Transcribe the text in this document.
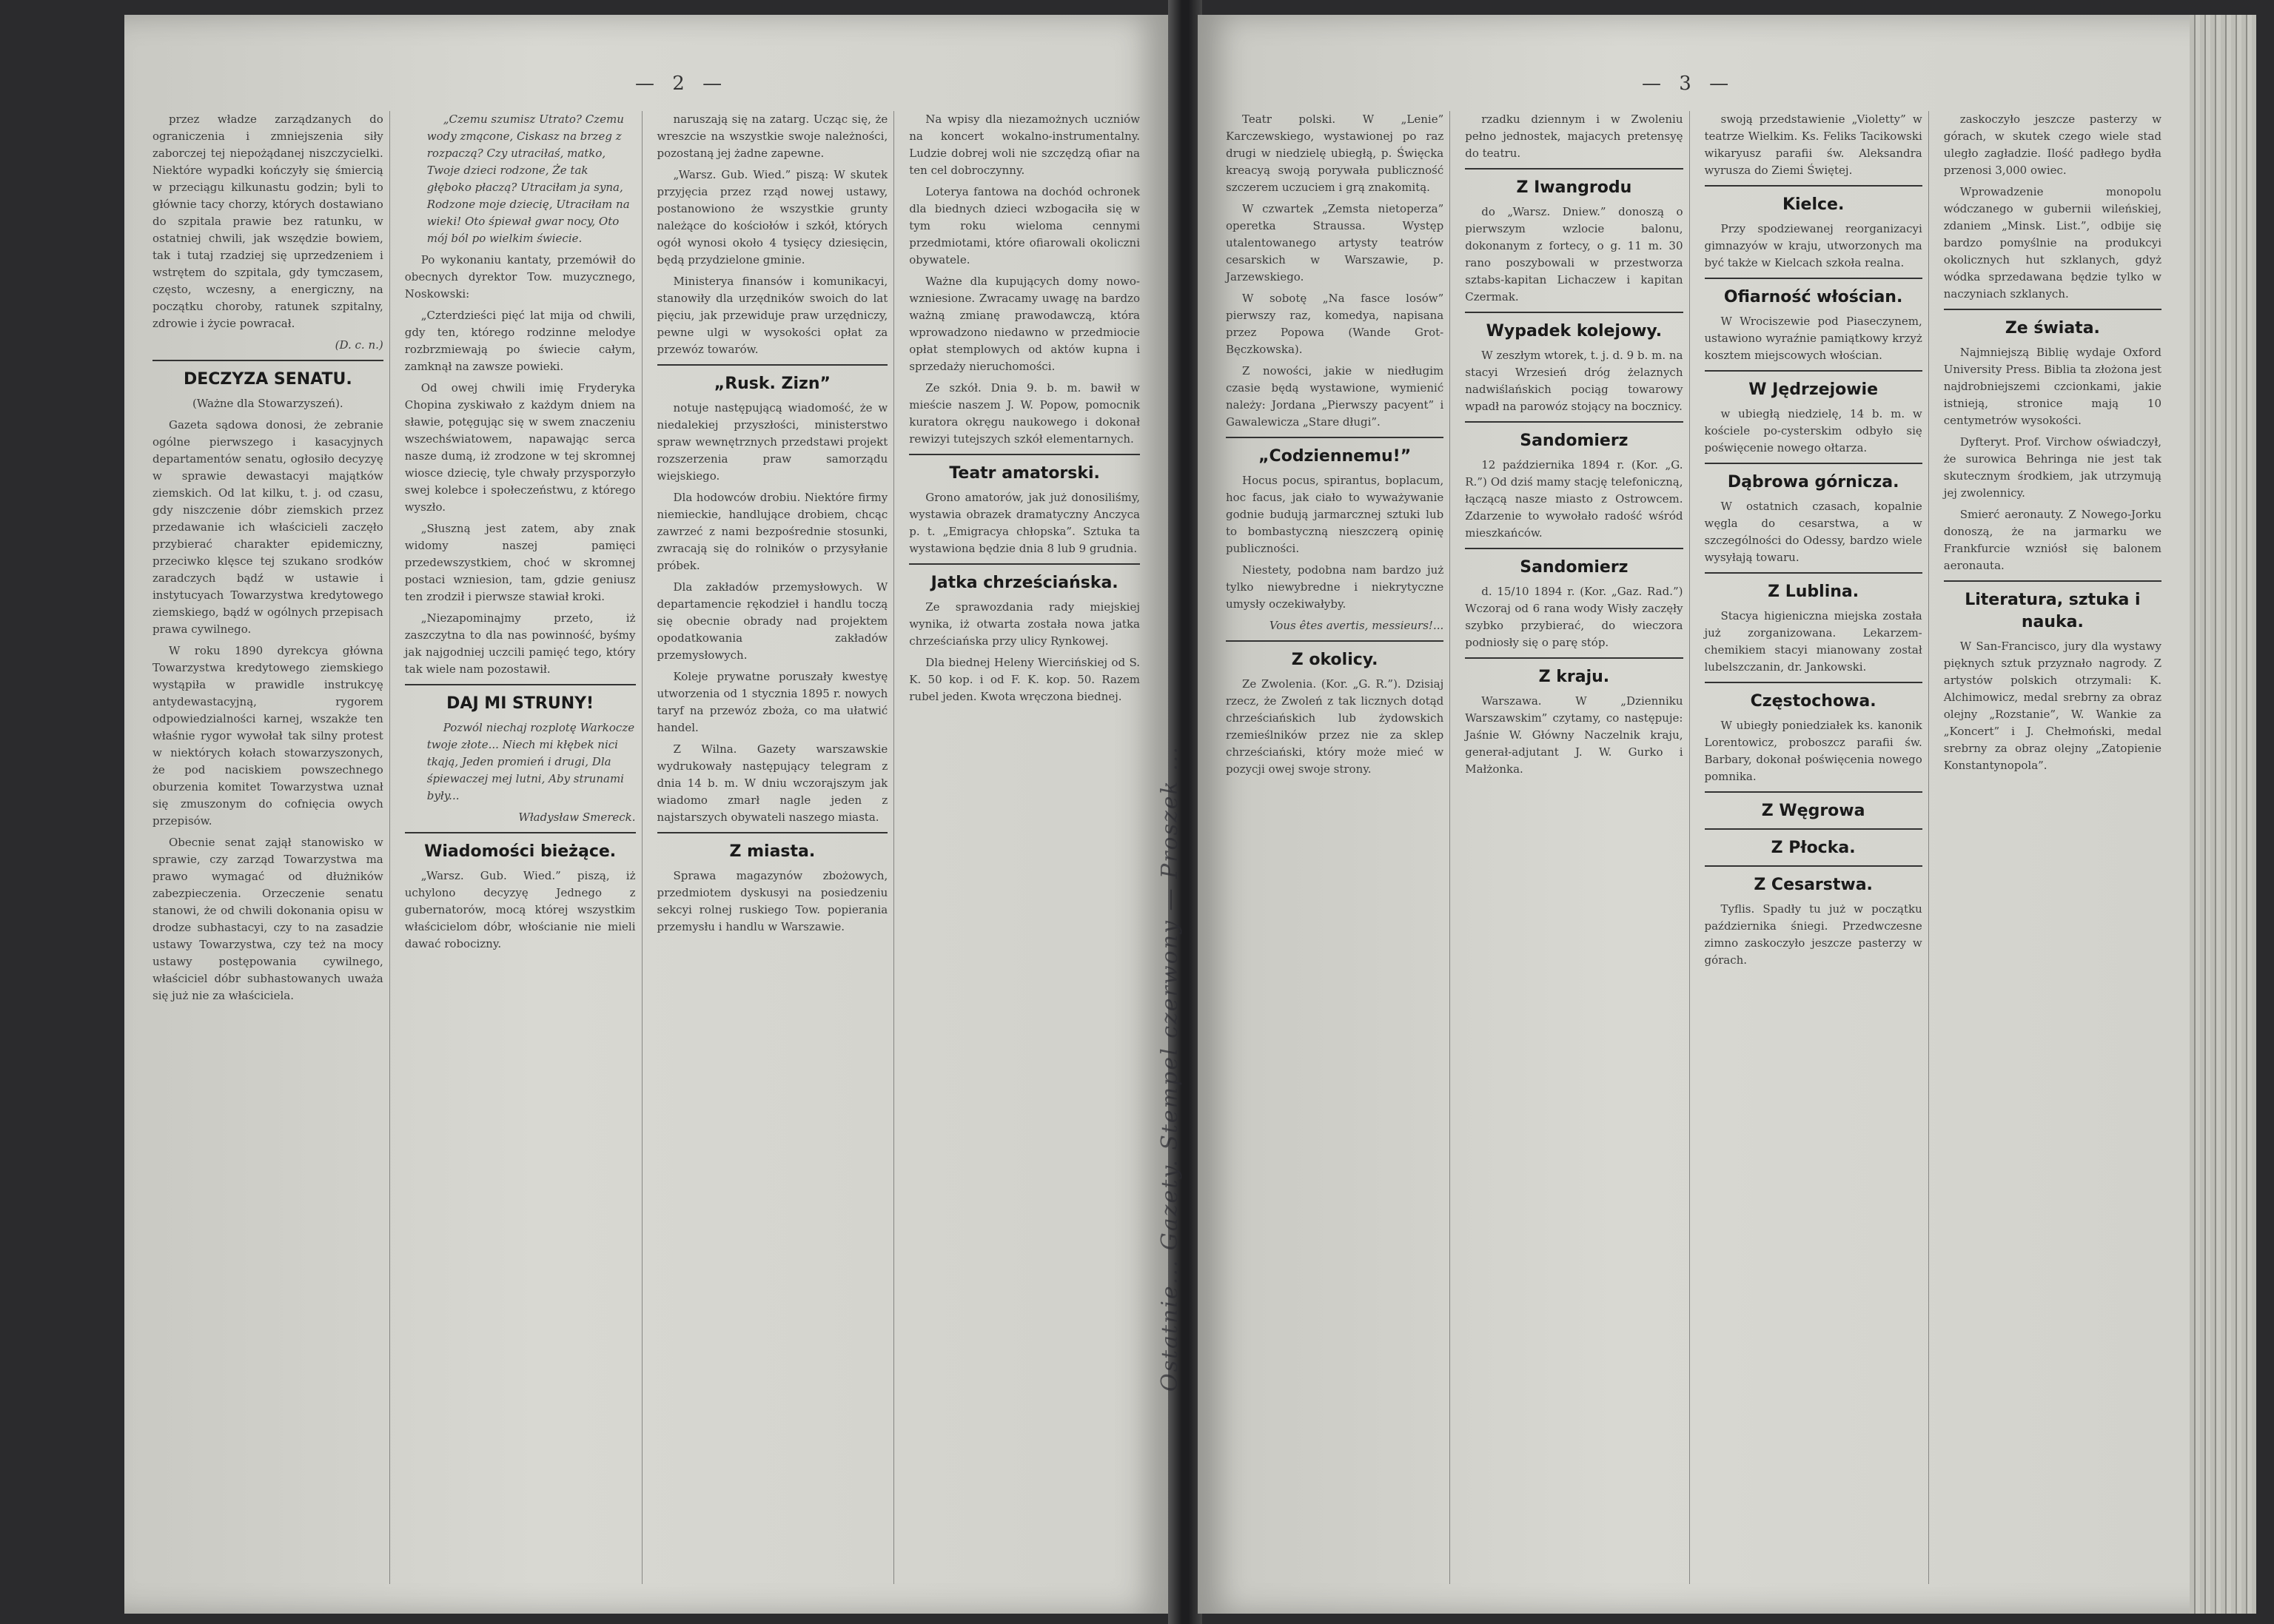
— 2 —

przez władze zarządzanych do ograniczenia i zmniejszenia siły zaborczej tej niepożądanej niszczycielki. Niektóre wypadki kończyły się śmiercią w przeciągu kilkunastu godzin; byli to głównie tacy chorzy, których dostawiano do szpitala prawie bez ratunku, w ostatniej chwili, jak wszędzie bowiem, tak i tutaj rzadziej się uprzedzeniem i wstrętem do szpitala, gdy tymczasem, często, wczesny, a energiczny, na początku choroby, ratunek szpitalny, zdrowie i życie powracał.

(D. c. n.)

DECZYZA SENATU.

(Ważne dla Stowarzyszeń).

Gazeta sądowa donosi, że zebranie ogólne pierwszego i kasacyjnych departamentów senatu, ogłosiło decyzyę w sprawie dewastacyi majątków ziemskich. Od lat kilku, t. j. od czasu, gdy niszczenie dóbr ziemskich przez przedawanie ich właścicieli zaczęło przybierać charakter epidemiczny, przeciwko klęsce tej szukano srodków zaradczych bądź w ustawie i instytucyach Towarzystwa kredytowego ziemskiego, bądź w ogólnych przepisach prawa cywilnego.

W roku 1890 dyrekcya główna Towarzystwa kredytowego ziemskiego wystąpiła w prawidle instrukcyę antydewastacyjną, rygorem odpowiedzialności karnej, wszakże ten właśnie rygor wywołał tak silny protest w niektórych kołach stowarzyszonych, że pod naciskiem powszechnego oburzenia komitet Towarzystwa uznał się zmuszonym do cofnięcia owych przepisów.

Obecnie senat zajął stanowisko w sprawie, czy zarząd Towarzystwa ma prawo wymagać od dłużników zabezpieczenia. Orzeczenie senatu stanowi, że od chwili dokonania opisu w drodze subhastacyi, czy to na zasadzie ustawy Towarzystwa, czy też na mocy ustawy postępowania cywilnego, właściciel dóbr subhastowanych uważa się już nie za właściciela.

„Czemu szumisz Utrato? Czemu wody zmącone, Ciskasz na brzeg z rozpaczą? Czy utraciłaś, matko, Twoje dzieci rodzone, Że tak głęboko płaczą? Utraciłam ja syna, Rodzone moje dziecię, Utraciłam na wieki! Oto śpiewał gwar nocy, Oto mój ból po wielkim świecie.

Po wykonaniu kantaty, przemówił do obecnych dyrektor Tow. muzycznego, Noskowski:

„Czterdzieści pięć lat mija od chwili, gdy ten, którego rodzinne melodye rozbrzmiewają po świecie całym, zamknął na zawsze powieki.

Od owej chwili imię Fryderyka Chopina zyskiwało z każdym dniem na sławie, potęgując się w swem znaczeniu wszechświatowem, napawając serca nasze dumą, iż zrodzone w tej skromnej wiosce dziecię, tyle chwały przysporzyło swej kolebce i społeczeństwu, z którego wyszło.

„Słuszną jest zatem, aby znak widomy naszej pamięci przedewszystkiem, choć w skromnej postaci wzniesion, tam, gdzie geniusz ten zrodził i pierwsze stawiał kroki.

„Niezapominajmy przeto, iż zaszczytna to dla nas powinność, byśmy jak najgodniej uczcili pamięć tego, który tak wiele nam pozostawił.

DAJ MI STRUNY!

Pozwól niechaj rozplotę Warkocze twoje złote... Niech mi kłębek nici tkają, Jeden promień i drugi, Dla śpiewaczej mej lutni, Aby strunami były...

Władysław Smereck.

Wiadomości bieżące.

„Warsz. Gub. Wied.” piszą, iż uchylono decyzyę Jednego z gubernatorów, mocą której wszystkim właścicielom dóbr, włościanie nie mieli dawać robocizny.

naruszają się na zatarg. Ucząc się, że wreszcie na wszystkie swoje należności, pozostaną jej żadne zapewne.

„Warsz. Gub. Wied.” piszą: W skutek przyjęcia przez rząd nowej ustawy, postanowiono że wszystkie grunty należące do kościołów i szkół, których ogół wynosi około 4 tysięcy dziesięcin, będą przydzielone gminie.

Ministerya finansów i komunikacyi, stanowiły dla urzędników swoich do lat pięciu, jak przewiduje praw urzędniczy, pewne ulgi w wysokości opłat za przewóz towarów.

„Rusk. Zizn”

notuje następującą wiadomość, że w niedalekiej przyszłości, ministerstwo spraw wewnętrznych przedstawi projekt rozszerzenia praw samorządu wiejskiego.

Dla hodowców drobiu. Niektóre firmy niemieckie, handlujące drobiem, chcąc zawrzeć z nami bezpośrednie stosunki, zwracają się do rolników o przysyłanie próbek.

Dla zakładów przemysłowych. W departamencie rękodzieł i handlu toczą się obecnie obrady nad projektem opodatkowania zakładów przemysłowych.

Koleje prywatne poruszały kwestyę utworzenia od 1 stycznia 1895 r. nowych taryf na przewóz zboża, co ma ułatwić handel.

Z Wilna. Gazety warszawskie wydrukowały następujący telegram z dnia 14 b. m. W dniu wczorajszym jak wiadomo zmarł nagle jeden z najstarszych obywateli naszego miasta.

Z miasta.

Sprawa magazynów zbożowych, przedmiotem dyskusyi na posiedzeniu sekcyi rolnej ruskiego Tow. popierania przemysłu i handlu w Warszawie.

Na wpisy dla niezamożnych uczniów na koncert wokalno-instrumentalny. Ludzie dobrej woli nie szczędzą ofiar na ten cel dobroczynny.

Loterya fantowa na dochód ochronek dla biednych dzieci wzbogaciła się w tym roku wieloma cennymi przedmiotami, które ofiarowali okoliczni obywatele.

Ważne dla kupujących domy nowo-wzniesione. Zwracamy uwagę na bardzo ważną zmianę prawodawczą, która wprowadzono niedawno w przedmiocie opłat stemplowych od aktów kupna i sprzedaży nieruchomości.

Ze szkół. Dnia 9. b. m. bawił w mieście naszem J. W. Popow, pomocnik kuratora okręgu naukowego i dokonał rewizyi tutejszych szkół elementarnych.

Teatr amatorski.

Grono amatorów, jak już donosiliśmy, wystawia obrazek dramatyczny Anczyca p. t. „Emigracya chłopska”. Sztuka ta wystawiona będzie dnia 8 lub 9 grudnia.

Jatka chrześciańska.

Ze sprawozdania rady miejskiej wynika, iż otwarta została nowa jatka chrześciańska przy ulicy Rynkowej.

Dla biednej Heleny Wiercińskiej od S. K. 50 kop. i od F. K. kop. 50. Razem rubel jeden. Kwota wręczona biednej.

Ostatnie... Gazety. Stempel czerwony — Proszek ...
— 3 —

Teatr polski. W „Lenie” Karczewskiego, wystawionej po raz drugi w niedzielę ubiegłą, p. Święcka kreacyą swoją porywała publiczność szczerem uczuciem i grą znakomitą.

W czwartek „Zemsta nietoperza” operetka Straussa. Występ utalentowanego artysty teatrów cesarskich w Warszawie, p. Jarzewskiego.

W sobotę „Na fasce losów” pierwszy raz, komedya, napisana przez Popowa (Wande Grot-Bęczkowska).

Z nowości, jakie w niedługim czasie będą wystawione, wymienić należy: Jordana „Pierwszy pacyent” i Gawalewicza „Stare długi”.

„Codziennemu!”

Hocus pocus, spirantus, boplacum, hoc facus, jak ciało to wyważywanie godnie budują jarmarcznej sztuki lub to bombastyczną nieszczerą opinię publiczności.

Niestety, podobna nam bardzo już tylko niewybredne i niekrytyczne umysły oczekiwałyby.

Vous êtes avertis, messieurs!...

Z okolicy.

Ze Zwolenia. (Kor. „G. R.”). Dzisiaj rzecz, że Zwoleń z tak licznych dotąd chrześciańskich lub żydowskich rzemieślników przez nie za sklep chrześciański, który może mieć w pozycji owej swoje strony.

rzadku dziennym i w Zwoleniu pełno jednostek, majacych pretensyę do teatru.

Z Iwangrodu

do „Warsz. Dniew.” donoszą o pierwszym wzlocie balonu, dokonanym z fortecy, o g. 11 m. 30 rano poszybowali w przestworza sztabs-kapitan Lichaczew i kapitan Czermak.

Wypadek kolejowy.

W zeszłym wtorek, t. j. d. 9 b. m. na stacyi Wrzesień dróg żelaznych nadwiślańskich pociąg towarowy wpadł na parowóz stojący na bocznicy.

Sandomierz

12 października 1894 r. (Kor. „G. R.”) Od dziś mamy stację telefoniczną, łączącą nasze miasto z Ostrowcem. Zdarzenie to wywołało radość wśród mieszkańców.

Sandomierz

d. 15/10 1894 r. (Kor. „Gaz. Rad.”) Wczoraj od 6 rana wody Wisły zaczęły szybko przybierać, do wieczora podniosły się o parę stóp.

Z kraju.

Warszawa. W „Dzienniku Warszawskim” czytamy, co następuje: Jaśnie W. Główny Naczelnik kraju, generał-adjutant J. W. Gurko i Małżonka.

swoją przedstawienie „Violetty” w teatrze Wielkim. Ks. Feliks Tacikowski wikaryusz parafii św. Aleksandra wyrusza do Ziemi Świętej.

Kielce.

Przy spodziewanej reorganizacyi gimnazyów w kraju, utworzonych ma być także w Kielcach szkoła realna.

Ofiarność włościan.

W Wrociszewie pod Piaseczynem, ustawiono wyraźnie pamiątkowy krzyż kosztem miejscowych włościan.

W Jędrzejowie

w ubiegłą niedzielę, 14 b. m. w kościele po-cysterskim odbyło się poświęcenie nowego ołtarza.

Dąbrowa górnicza.

W ostatnich czasach, kopalnie węgla do cesarstwa, a w szczególności do Odessy, bardzo wiele wysyłają towaru.

Z Lublina.

Stacya higieniczna miejska została już zorganizowana. Lekarzem-chemikiem stacyi mianowany został lubelszczanin, dr. Jankowski.

Częstochowa.

W ubiegły poniedziałek ks. kanonik Lorentowicz, proboszcz parafii św. Barbary, dokonał poświęcenia nowego pomnika.

Z Węgrowa
Z Płocka.
Z Cesarstwa.

Tyflis. Spadły tu już w początku października śniegi. Przedwczesne zimno zaskoczyło jeszcze pasterzy w górach.

zaskoczyło jeszcze pasterzy w górach, w skutek czego wiele stad uległo zagładzie. Ilość padłego bydła przenosi 3,000 owiec.

Wprowadzenie monopolu wódczanego w gubernii wileńskiej, zdaniem „Minsk. List.”, odbije się bardzo pomyślnie na produkcyi okolicznych hut szklanych, gdyż wódka sprzedawana będzie tylko w naczyniach szklanych.

Ze świata.

Najmniejszą Biblię wydaje Oxford University Press. Biblia ta złożona jest najdrobniejszemi czcionkami, jakie istnieją, stronice mają 10 centymetrów wysokości.

Dyfteryt. Prof. Virchow oświadczył, że surowica Behringa nie jest tak skutecznym środkiem, jak utrzymują jej zwolennicy.

Smierć aeronauty. Z Nowego-Jorku donoszą, że na jarmarku we Frankfurcie wzniósł się balonem aeronauta.

Literatura, sztuka i nauka.

W San-Francisco, jury dla wystawy pięknych sztuk przyznało nagrody. Z artystów polskich otrzymali: K. Alchimowicz, medal srebrny za obraz olejny „Rozstanie”, W. Wankie za „Koncert” i J. Chełmoński, medal srebrny za obraz olejny „Zatopienie Konstantynopola”.
